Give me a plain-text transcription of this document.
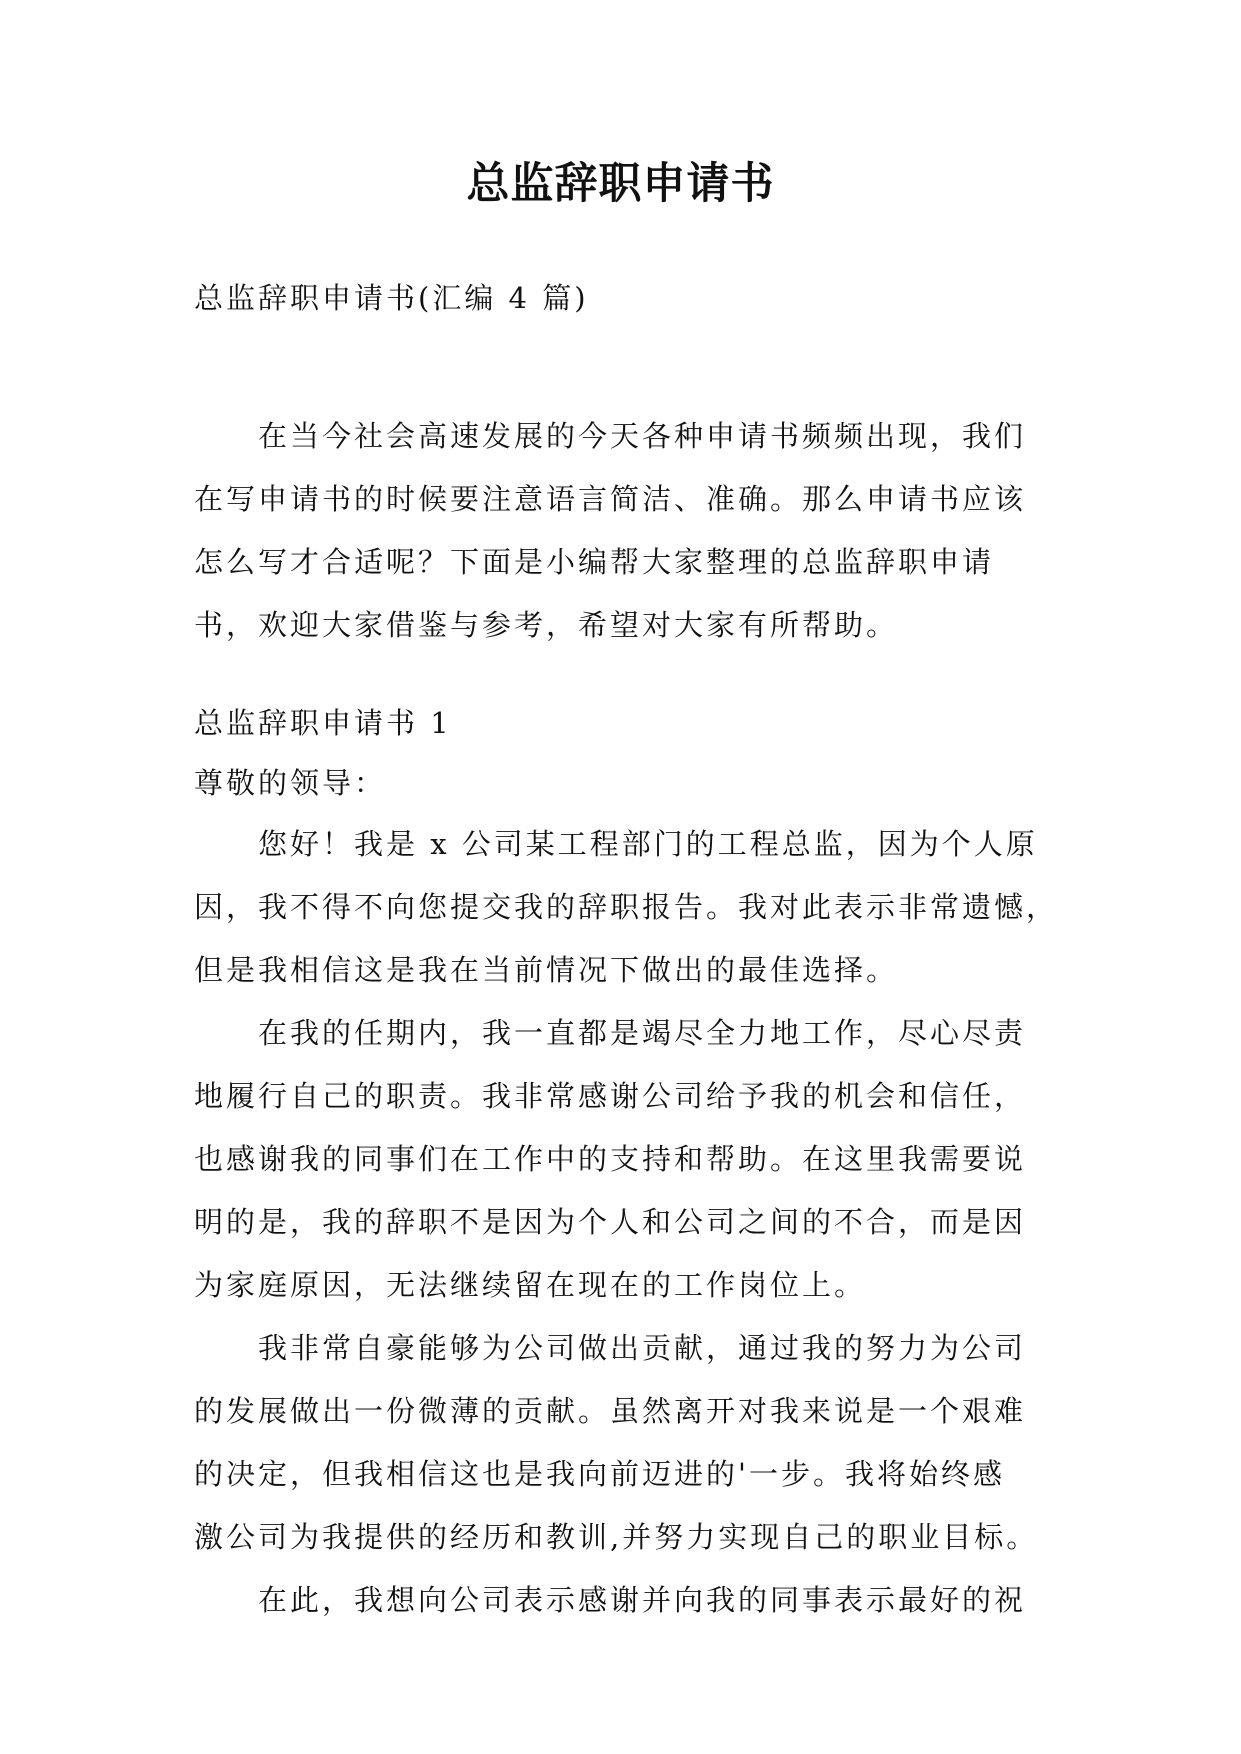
总监辞职申请书
总监辞职申请书(汇编 4 篇)
在当今社会高速发展的今天各种申请书频频出现，我们
在写申请书的时候要注意语言简洁、准确。那么申请书应该
怎么写才合适呢？下面是小编帮大家整理的总监辞职申请
书，欢迎大家借鉴与参考，希望对大家有所帮助。
总监辞职申请书 1
尊敬的领导：
您好！我是 x 公司某工程部门的工程总监，因为个人原
因，我不得不向您提交我的辞职报告。我对此表示非常遗憾，
但是我相信这是我在当前情况下做出的最佳选择。
在我的任期内，我一直都是竭尽全力地工作，尽心尽责
地履行自己的职责。我非常感谢公司给予我的机会和信任，
也感谢我的同事们在工作中的支持和帮助。在这里我需要说
明的是，我的辞职不是因为个人和公司之间的不合，而是因
为家庭原因，无法继续留在现在的工作岗位上。
我非常自豪能够为公司做出贡献，通过我的努力为公司
的发展做出一份微薄的贡献。虽然离开对我来说是一个艰难
的决定，但我相信这也是我向前迈进的'一步。我将始终感
激公司为我提供的经历和教训,并努力实现自己的职业目标。
在此，我想向公司表示感谢并向我的同事表示最好的祝
